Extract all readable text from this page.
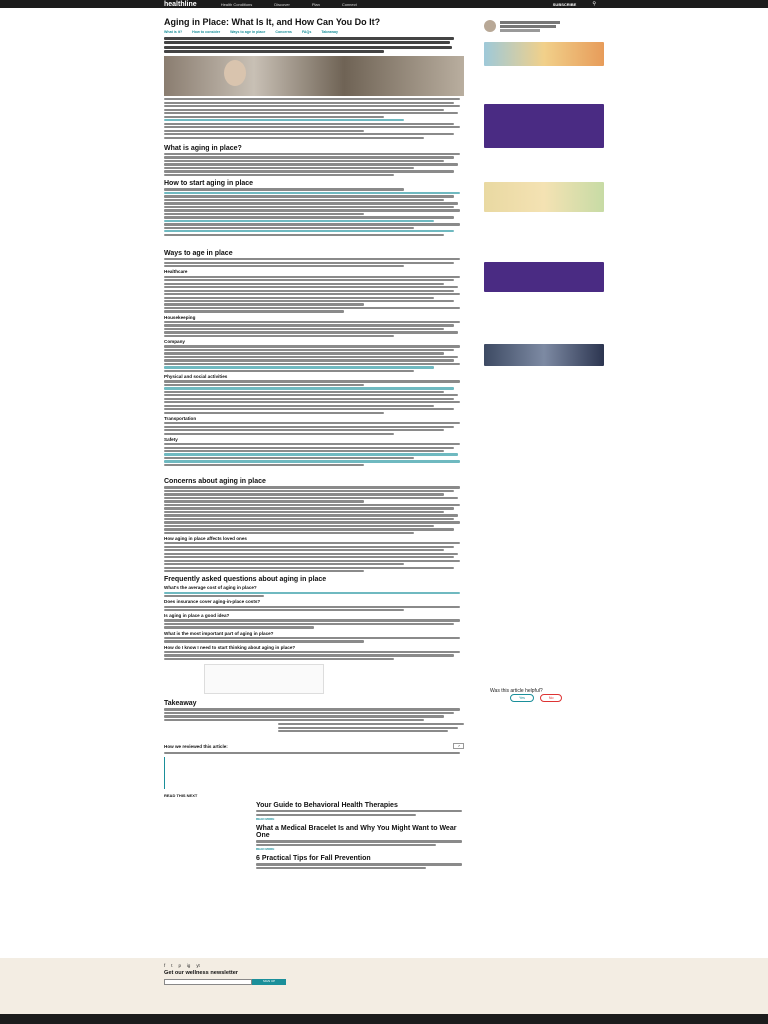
healthline	Health Conditions	Discover	Plan	Connect	SUBSCRIBE	⚲
Aging in Place: What Is It, and How Can You Do It?
What is it?	How to consider	Ways to age in place	Concerns	FAQs	Takeaway
What is aging in place?
How to start aging in place
Ways to age in place
Healthcare
Housekeeping
Company
Physical and social activities
Transportation
Safety
Concerns about aging in place
How aging in place affects loved ones
Frequently asked questions about aging in place
What's the average cost of aging in place?
Does insurance cover aging-in-place costs?
Is aging in place a good idea?
What is the most important part of aging in place?
How do I know I need to start thinking about aging in place?
Takeaway
How we reviewed this article:	↗
READ THIS NEXT
Your Guide to Behavioral Health Therapies
READ MORE
What a Medical Bracelet Is and Why You Might Want to Wear One
READ MORE
6 Practical Tips for Fall Prevention
Was this article helpful?
Yes	No
f t p ig yt
Get our wellness newsletter
SIGN UP
